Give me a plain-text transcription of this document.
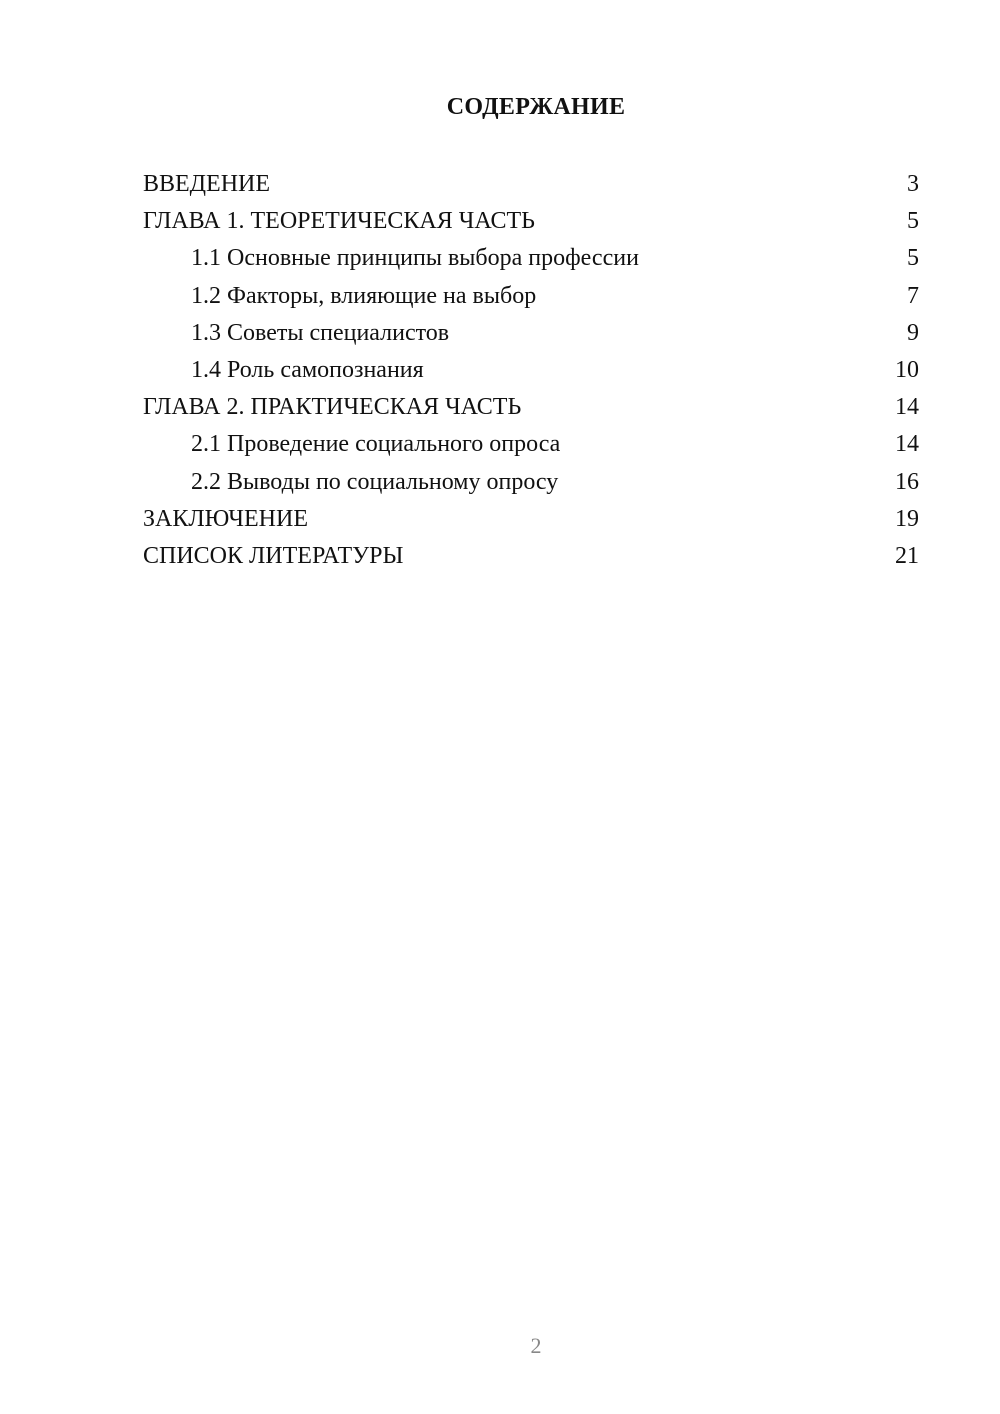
СОДЕРЖАНИЕ
ВВЕДЕНИЕ	3
ГЛАВА 1. ТЕОРЕТИЧЕСКАЯ ЧАСТЬ	5
1.1 Основные принципы выбора профессии	5
1.2 Факторы, влияющие на выбор	7
1.3 Советы специалистов	9
1.4 Роль самопознания	10
ГЛАВА 2. ПРАКТИЧЕСКАЯ ЧАСТЬ	14
2.1 Проведение социального опроса	14
2.2 Выводы по социальному опросу	16
ЗАКЛЮЧЕНИЕ	19
СПИСОК ЛИТЕРАТУРЫ	21
2
